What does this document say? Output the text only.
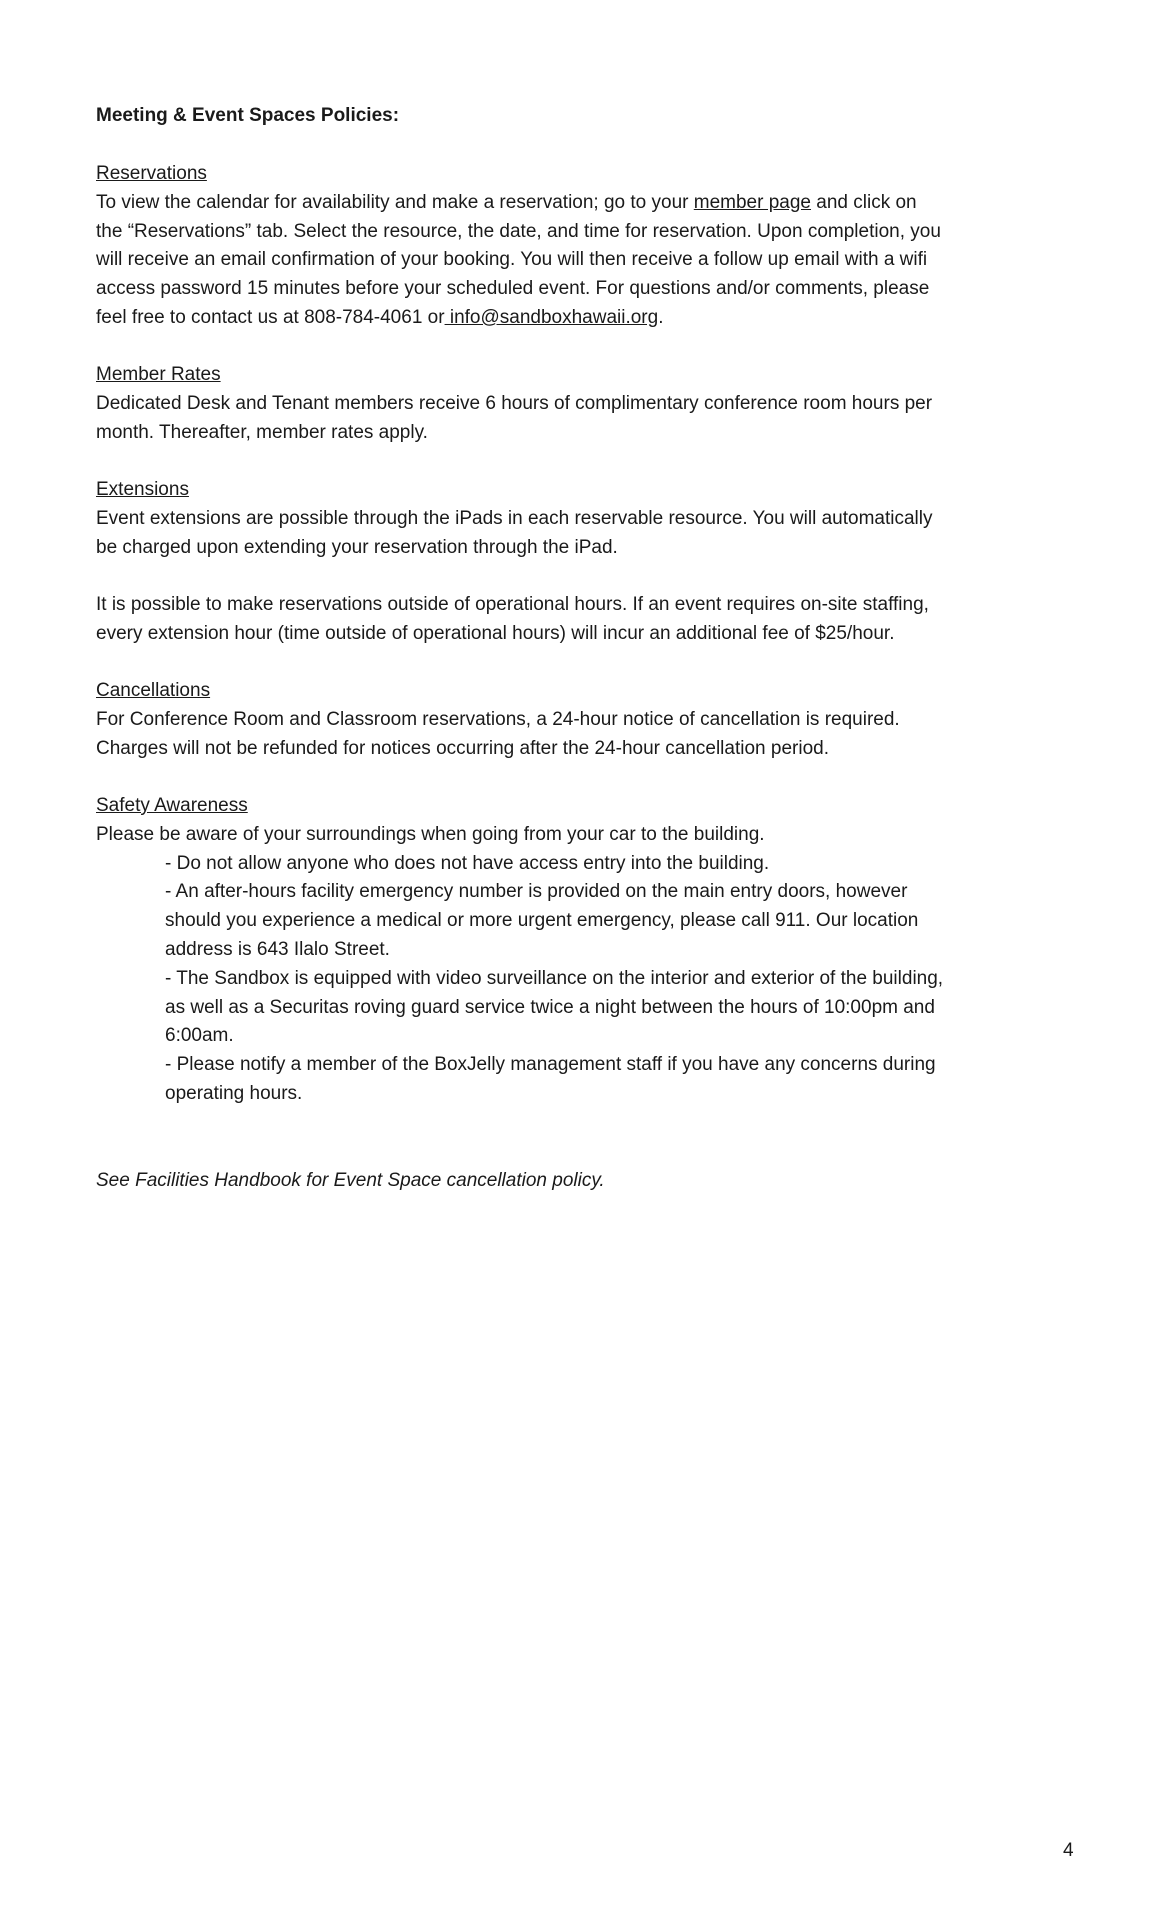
Meeting & Event Spaces Policies:
Reservations
To view the calendar for availability and make a reservation; go to your member page and click on
the “Reservations” tab. Select the resource, the date, and time for reservation. Upon completion, you
will receive an email confirmation of your booking. You will then receive a follow up email with a wifi
access password 15 minutes before your scheduled event. For questions and/or comments, please
feel free to contact us at 808-784-4061 or info@sandboxhawaii.org.
Member Rates
Dedicated Desk and Tenant members receive 6 hours of complimentary conference room hours per
month. Thereafter, member rates apply.
Extensions
Event extensions are possible through the iPads in each reservable resource. You will automatically
be charged upon extending your reservation through the iPad.
It is possible to make reservations outside of operational hours. If an event requires on-site staffing,
every extension hour (time outside of operational hours) will incur an additional fee of $25/hour.
Cancellations
For Conference Room and Classroom reservations, a 24-hour notice of cancellation is required.
Charges will not be refunded for notices occurring after the 24-hour cancellation period.
Safety Awareness
Please be aware of your surroundings when going from your car to the building.
- Do not allow anyone who does not have access entry into the building.
- An after-hours facility emergency number is provided on the main entry doors, however
should you experience a medical or more urgent emergency, please call 911. Our location
address is 643 Ilalo Street.
- The Sandbox is equipped with video surveillance on the interior and exterior of the building,
as well as a Securitas roving guard service twice a night between the hours of 10:00pm and
6:00am.
- Please notify a member of the BoxJelly management staff if you have any concerns during
operating hours.
See Facilities Handbook for Event Space cancellation policy.
4
